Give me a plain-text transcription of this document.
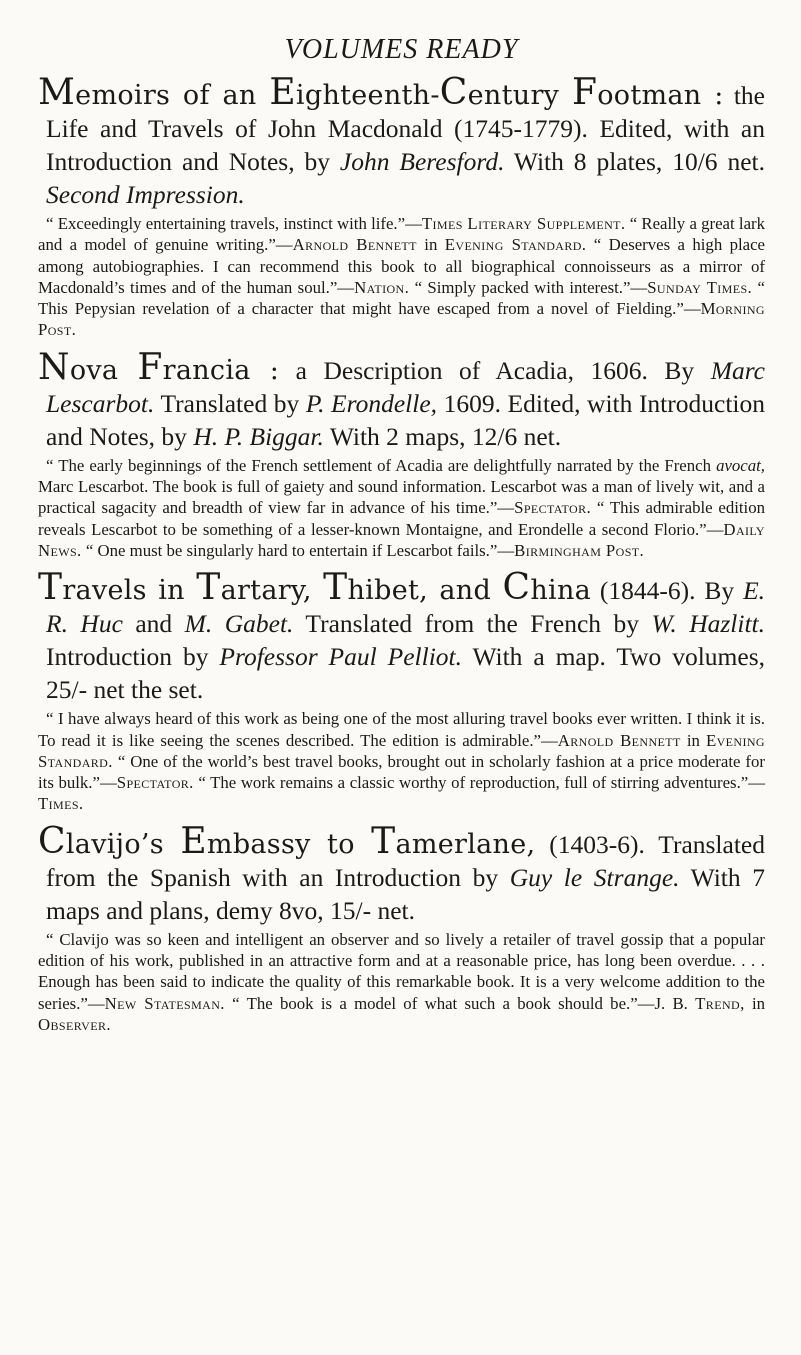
VOLUMES READY

Memoirs of an Eighteenth-Century Footman : the Life and Travels of John Macdonald (1745-1779). Edited, with an Introduction and Notes, by John Beresford. With 8 plates, 10/6 net. Second Impression.

“ Exceedingly entertaining travels, instinct with life.”—Times Literary Supplement. “ Really a great lark and a model of genuine writing.”—Arnold Bennett in Evening Standard. “ Deserves a high place among autobiographies. I can recommend this book to all biographical connoisseurs as a mirror of Macdonald’s times and of the human soul.”—Nation. “ Simply packed with interest.”—Sunday Times. “ This Pepysian revelation of a character that might have escaped from a novel of Fielding.”—Morning Post.

Nova Francia : a Description of Acadia, 1606. By Marc Lescarbot. Translated by P. Erondelle, 1609. Edited, with Introduction and Notes, by H. P. Biggar. With 2 maps, 12/6 net.

“ The early beginnings of the French settlement of Acadia are delightfully narrated by the French avocat, Marc Lescarbot. The book is full of gaiety and sound information. Lescarbot was a man of lively wit, and a practical sagacity and breadth of view far in advance of his time.”—Spectator. “ This admirable edition reveals Lescarbot to be something of a lesser-known Montaigne, and Erondelle a second Florio.”—Daily News. “ One must be singularly hard to entertain if Lescarbot fails.”—Birmingham Post.

Travels in Tartary, Thibet, and China (1844-6). By E. R. Huc and M. Gabet. Translated from the French by W. Hazlitt. Introduction by Professor Paul Pelliot. With a map. Two volumes, 25/- net the set.

“ I have always heard of this work as being one of the most alluring travel books ever written. I think it is. To read it is like seeing the scenes described. The edition is admirable.”—Arnold Bennett in Evening Standard. “ One of the world’s best travel books, brought out in scholarly fashion at a price moderate for its bulk.”—Spectator. “ The work remains a classic worthy of reproduction, full of stirring adventures.”—Times.

Clavijo’s Embassy to Tamerlane, (1403-6). Translated from the Spanish with an Introduction by Guy le Strange. With 7 maps and plans, demy 8vo, 15/- net.

“ Clavijo was so keen and intelligent an observer and so lively a retailer of travel gossip that a popular edition of his work, published in an attractive form and at a reasonable price, has long been overdue. . . . Enough has been said to indicate the quality of this remarkable book. It is a very welcome addition to the series.”—New Statesman. “ The book is a model of what such a book should be.”—J. B. Trend, in Observer.
